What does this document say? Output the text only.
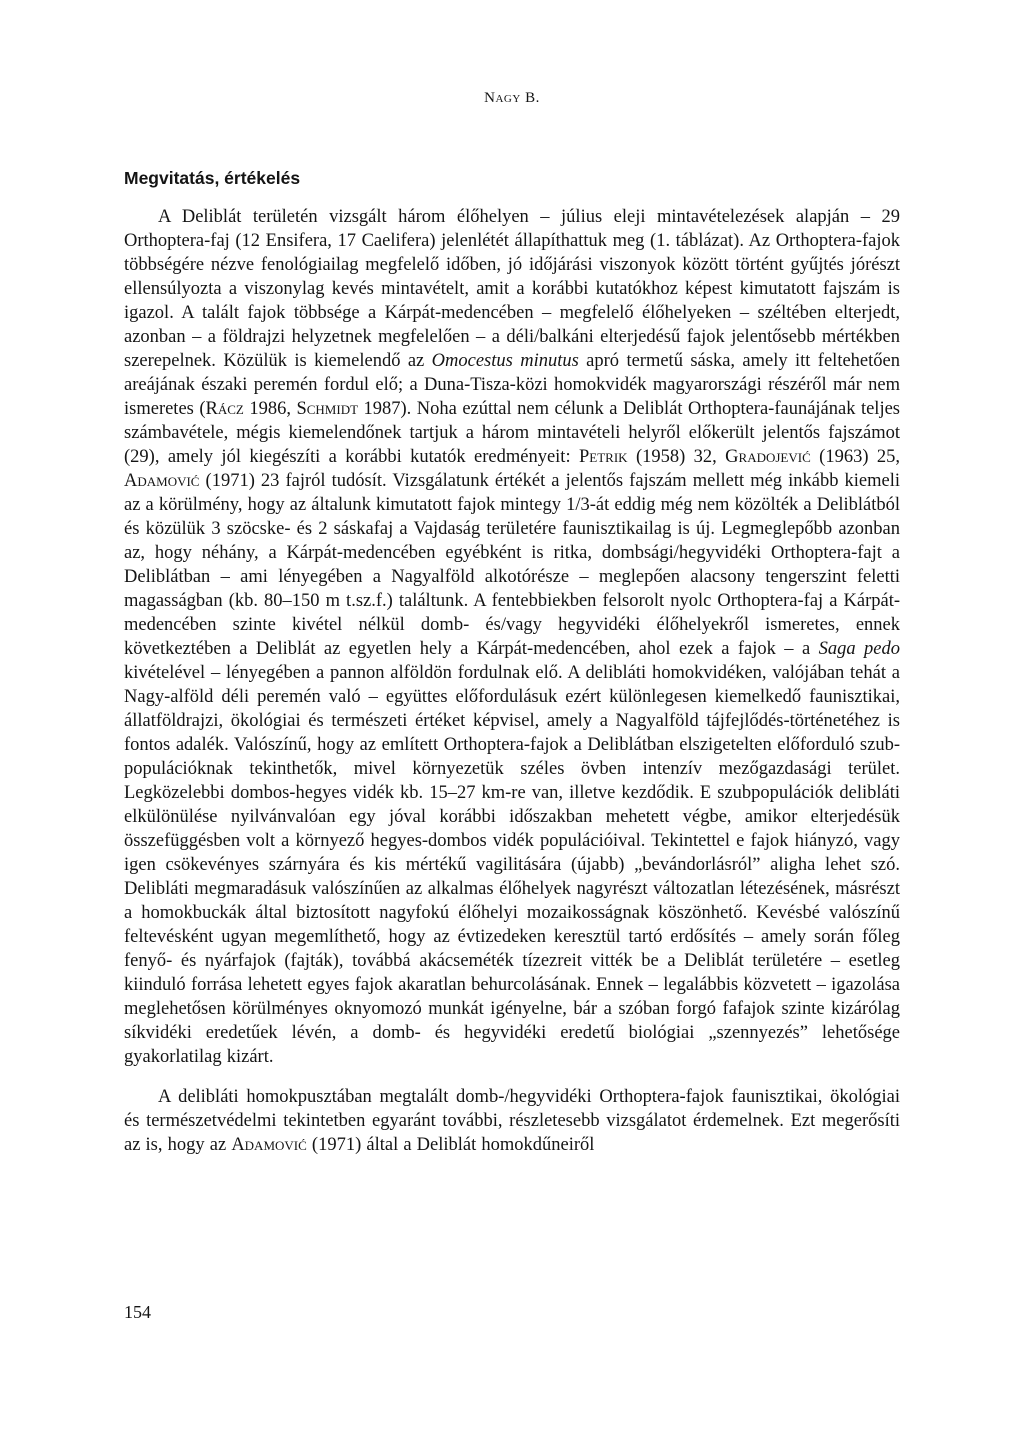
Nagy B.
Megvitatás, értékelés

A Deliblát területén vizsgált három élőhelyen – július eleji mintavételezések alapján – 29 Orthoptera-faj (12 Ensifera, 17 Caelifera) jelenlétét állapíthattuk meg (1. táblázat). Az Orthoptera-fajok többségére nézve fenológiailag megfelelő időben, jó időjárási viszonyok között történt gyűjtés jórészt ellensúlyozta a viszonylag kevés mintavételt, amit a korábbi kutatókhoz képest kimutatott fajszám is igazol. A talált fajok többsége a Kárpát-medencében – megfelelő élőhelyeken – széltében elterjedt, azonban – a földrajzi helyzetnek megfelelően – a déli/balkáni elterjedésű fajok jelentősebb mértékben szerepelnek. Közülük is kiemelendő az Omocestus minutus apró termetű sáska, amely itt feltehetően areájának északi peremén fordul elő; a Duna-Tisza-közi homokvidék magyarországi részéről már nem ismeretes (Rácz 1986, Schmidt 1987). Noha ezúttal nem célunk a Deliblát Orthoptera-faunájának teljes számbavétele, mégis kiemelendőnek tartjuk a három mintavételi helyről előkerült jelentős fajszámot (29), amely jól kiegészíti a korábbi kutatók eredményeit: Petrik (1958) 32, Gradojević (1963) 25, Adamović (1971) 23 fajról tudósít. Vizsgálatunk értékét a jelentős fajszám mellett még inkább kiemeli az a körülmény, hogy az általunk kimutatott fajok mintegy 1/3-át eddig még nem közölték a Deliblátból és közülük 3 szöcske- és 2 sáskafaj a Vajdaság területére faunisztikailag is új. Legmeglepőbb azonban az, hogy néhány, a Kárpát-medencében egyébként is ritka, dombsági/hegyvidéki Orthoptera-fajt a Deliblátban – ami lényegében a Nagyalföld alkotórésze – meglepően alacsony tengerszint feletti magasságban (kb. 80–150 m t.sz.f.) találtunk. A fentebbiekben felsorolt nyolc Orthoptera-faj a Kárpát-medencében szinte kivétel nélkül domb- és/vagy hegyvidéki élőhelyekről ismeretes, ennek következtében a Deliblát az egyetlen hely a Kárpát-medencében, ahol ezek a fajok – a Saga pedo kivételével – lényegében a pannon alföldön fordulnak elő. A delibláti homokvidéken, valójában tehát a Nagy-alföld déli peremén való – együttes előfordulásuk ezért különlegesen kiemelkedő faunisztikai, állatföldrajzi, ökológiai és természeti értéket képvisel, amely a Nagyalföld tájfejlődés-történetéhez is fontos adalék. Valószínű, hogy az említett Orthoptera-fajok a Deliblátban elszigetelten előforduló szub-populációknak tekinthetők, mivel környezetük széles övben intenzív mezőgazdasági terület. Legközelebbi dombos-hegyes vidék kb. 15–27 km-re van, illetve kezdődik. E szubpopulációk delibláti elkülönülése nyilvánvalóan egy jóval korábbi időszakban mehetett végbe, amikor elterjedésük összefüggésben volt a környező hegyes-dombos vidék populációival. Tekintettel e fajok hiányzó, vagy igen csökevényes szárnyára és kis mértékű vagilitására (újabb) „bevándorlásról” aligha lehet szó. Delibláti megmaradásuk valószínűen az alkalmas élőhelyek nagyrészt változatlan létezésének, másrészt a homokbuckák által biztosított nagyfokú élőhelyi mozaikosságnak köszönhető. Kevésbé valószínű feltevésként ugyan megemlíthető, hogy az évtizedeken keresztül tartó erdősítés – amely során főleg fenyő- és nyárfajok (fajták), továbbá akácseméték tízezreit vitték be a Deliblát területére – esetleg kiinduló forrása lehetett egyes fajok akaratlan behurcolásának. Ennek – legalábbis közvetett – igazolása meglehetősen körülményes oknyomozó munkát igényelne, bár a szóban forgó fafajok szinte kizárólag síkvidéki eredetűek lévén, a domb- és hegyvidéki eredetű biológiai „szennyezés” lehetősége gyakorlatilag kizárt.

A delibláti homokpusztában megtalált domb-/hegyvidéki Orthoptera-fajok faunisztikai, ökológiai és természetvédelmi tekintetben egyaránt további, részletesebb vizsgálatot érdemelnek. Ezt megerősíti az is, hogy az Adamović (1971) által a Deliblát homokdűneiről

154
